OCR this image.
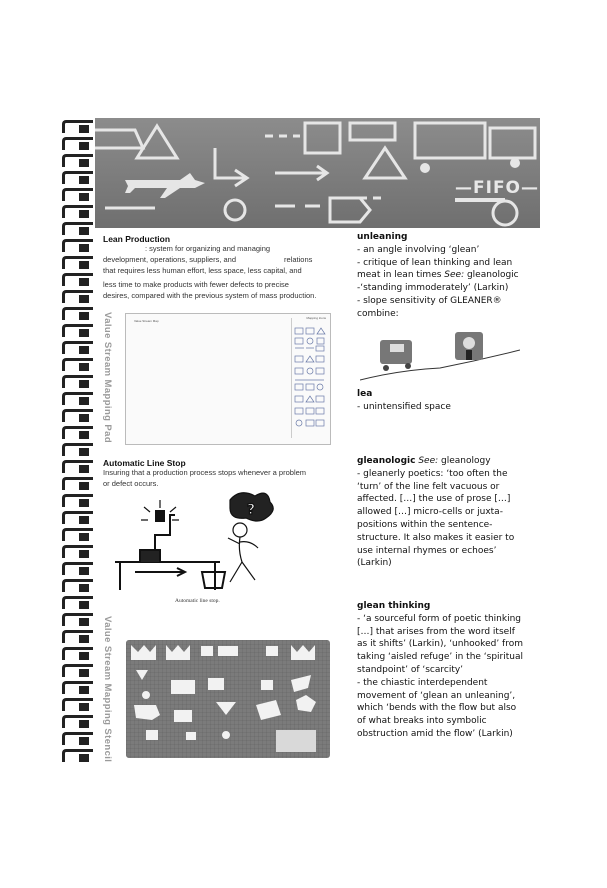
—FIFO—
Lean Production
: system for organizing and managing
development, operations, suppliers, and	relations
that requires less human effort, less space, less capital, and
less time to make products with fewer defects to precise
desires, compared with the previous system of mass production.
Value Stream Mapping Pad	Value Stream Map
Mapping Icons
Automatic Line Stop
Insuring that a production process stops whenever a problem
or defect occurs.
?
Automatic line stop.
Value Stream Mapping Stencil
unleaning
- an angle involving ‘glean’
- critique of lean thinking and lean
meat in lean times See: gleanologic
-‘standing immoderately’ (Larkin)
- slope sensitivity of GLEANER®
combine:
lea
- unintensified space
gleanologic See: gleanology
- gleanerly poetics: ‘too often the
‘turn’ of the line felt vacuous or
affected. […] the use of prose […]
allowed […] micro-cells or juxta-
positions within the sentence-
structure. It also makes it easier to
use internal rhymes or echoes’
(Larkin)
glean thinking
- ‘a sourceful form of poetic thinking
[…] that arises from the word itself
as it shifts’ (Larkin), ‘unhooked’ from
taking ‘aisled refuge’ in the ‘spiritual
standpoint’ of ‘scarcity’
- the chiastic interdependent
movement of ‘glean an unleaning’,
which ‘bends with the flow but also
of what breaks into symbolic
obstruction amid the flow’ (Larkin)
